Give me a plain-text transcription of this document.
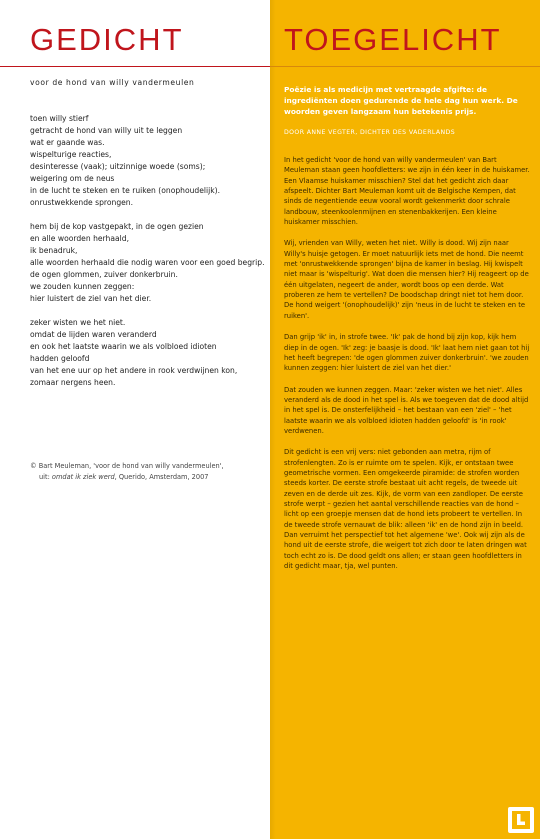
GEDICHT
voor de hond van willy vandermeulen
toen willy stierf
getracht de hond van willy uit te leggen
wat er gaande was.
wispelturige reacties,
desinteresse (vaak); uitzinnige woede (soms);
weigering om de neus
in de lucht te steken en te ruiken (onophoudelijk).
onrustwekkende sprongen.
hem bij de kop vastgepakt, in de ogen gezien
en alle woorden herhaald,
ik benadruk,
alle woorden herhaald die nodig waren voor een goed begrip.
de ogen glommen, zuiver donkerbruin.
we zouden kunnen zeggen:
hier luistert de ziel van het dier.
zeker wisten we het niet.
omdat de lijden waren veranderd
en ook het laatste waarin we als volbloed idioten
hadden geloofd
van het ene uur op het andere in rook verdwijnen kon,
zomaar nergens heen.
© Bart Meuleman, 'voor de hond van willy vandermeulen',
uit: omdat ik ziek werd, Querido, Amsterdam, 2007
TOEGELICHT
Poëzie is als medicijn met vertraagde afgifte: de ingrediënten doen gedurende de hele dag hun werk. De woorden geven langzaam hun betekenis prijs.
DOOR ANNE VEGTER, DICHTER DES VADERLANDS

In het gedicht 'voor de hond van willy vandermeulen' van Bart Meuleman staan geen hoofdletters: we zijn in één keer in de huiskamer. Een Vlaamse huiskamer misschien? Stel dat het gedicht zich daar afspeelt. Dichter Bart Meuleman komt uit de Belgische Kempen, dat sinds de negentiende eeuw vooral wordt gekenmerkt door schrale landbouw, steenkoolenmijnen en stenenbakkerijen. Een kleine huiskamer misschien.

Wij, vrienden van Willy, weten het niet. Willy is dood. Wij zijn naar Willy's huisje getogen. Er moet natuurlijk iets met de hond. Die neemt met 'onrustwekkende sprongen' bijna de kamer in beslag. Hij kwispelt niet maar is 'wispelturig'. Wat doen die mensen hier? Hij reageert op de één uitgelaten, negeert de ander, wordt boos op een derde. Wat proberen ze hem te vertellen? De boodschap dringt niet tot hem door. De hond weigert '(onophoudelijk)' zijn 'neus in de lucht te steken en te ruiken'.

Dan grijp 'ik' in, in strofe twee. 'Ik' pak de hond bij zijn kop, kijk hem diep in de ogen. 'Ik' zeg: je baasje is dood. 'Ik' laat hem niet gaan tot hij het heeft begrepen: 'de ogen glommen zuiver donkerbruin'. 'we zouden kunnen zeggen: hier luistert de ziel van het dier.'

Dat zouden we kunnen zeggen. Maar: 'zeker wisten we het niet'. Alles veranderd als de dood in het spel is. Als we toegeven dat de dood altijd in het spel is. De onsterfelijkheid – het bestaan van een 'ziel' – 'het laatste waarin we als volbloed idioten hadden geloofd' is 'in rook' verdwenen.

Dit gedicht is een vrij vers: niet gebonden aan metra, rijm of strofenlengten. Zo is er ruimte om te spelen. Kijk, er ontstaan twee geometrische vormen. Een omgekeerde piramide: de strofen worden steeds korter. De eerste strofe bestaat uit acht regels, de tweede uit zeven en de derde uit zes. Kijk, de vorm van een zandloper. De eerste strofe werpt – gezien het aantal verschillende reacties van de hond – licht op een groepje mensen dat de hond iets probeert te vertellen. In de tweede strofe vernauwt de blik: alleen 'ik' en de hond zijn in beeld. Dan verruimt het perspectief tot het algemene 'we'. Ook wij zijn als de hond uit de eerste strofe, die weigert tot zich door te laten dringen wat toch echt zo is. De dood geldt ons allen; er staan geen hoofdletters in dit gedicht maar, tja, wel punten.
